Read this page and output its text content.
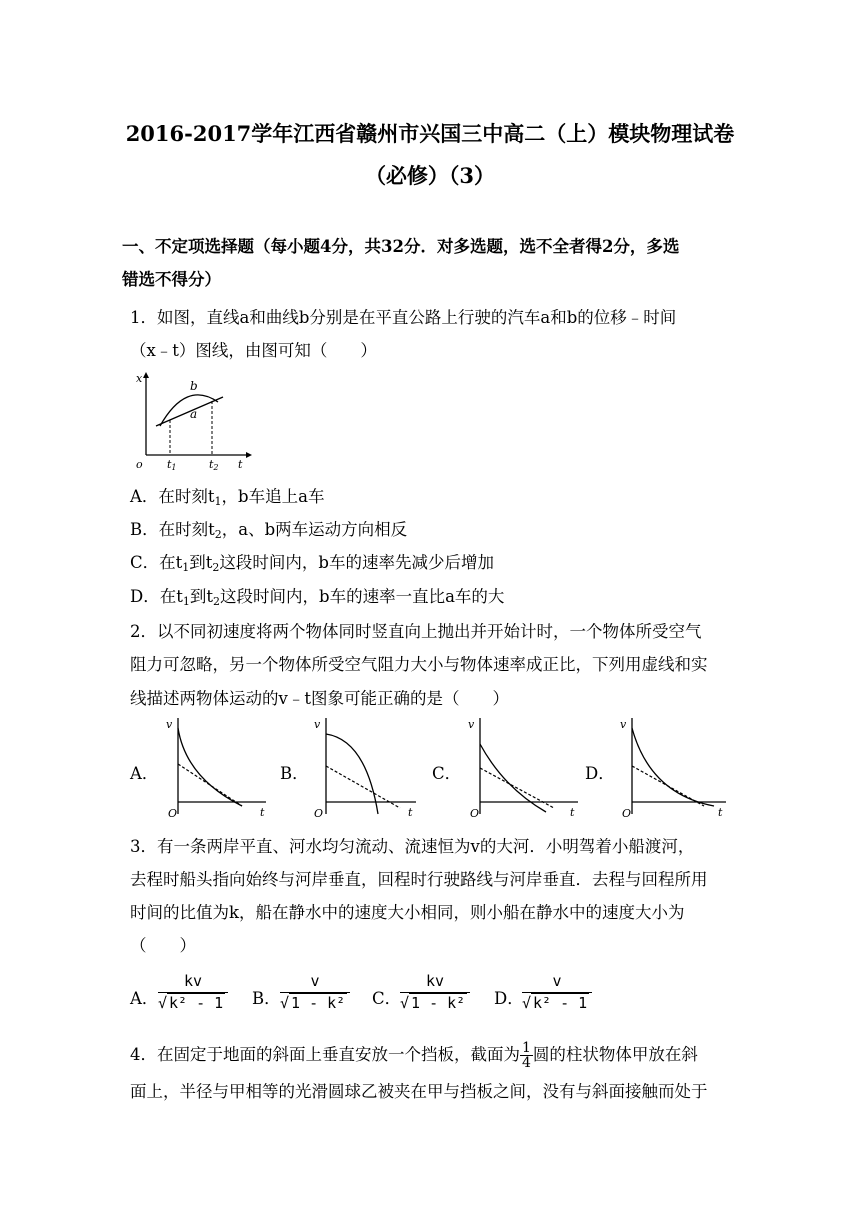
2016-2017学年江西省赣州市兴国三中高二（上）模块物理试卷
（必修）（3）
一、不定项选择题（每小题4分，共32分．对多选题，选不全者得2分，多选
错选不得分）
1．如图，直线a和曲线b分别是在平直公路上行驶的汽车a和b的位移﹣时间
（x﹣t）图线，由图可知（　　）
x
o	t
b
a
t1	t2
A．在时刻$t_1$，b车追上a车
B．在时刻$t_2$，a、b两车运动方向相反
C．在$t_1$到$t_2$这段时间内，b车的速率先减少后增加
D．在$t_1$到$t_2$这段时间内，b车的速率一直比a车的大
2．以不同初速度将两个物体同时竖直向上抛出并开始计时，一个物体所受空气
阻力可忽略，另一个物体所受空气阻力大小与物体速率成正比，下列用虚线和实
线描述两物体运动的v﹣t图象可能正确的是（　　）
A．
v
O	t
B．
v
O	t
C．
v
O	t
D．
v
O	t
3．有一条两岸平直、河水均匀流动、流速恒为v的大河．小明驾着小船渡河，
去程时船头指向始终与河岸垂直，回程时行驶路线与河岸垂直．去程与回程所用
时间的比值为k，船在静水中的速度大小相同，则小船在静水中的速度大小为
（　　）
A．
kv
√ k² - 1 B．
v
√ 1 - k² C．
kv
√ 1 - k² D．
v
√ k² - 1
4．在固定于地面的斜面上垂直安放一个挡板，截面为 $\frac{1}{4}$ 圆的柱状物体甲放在斜
面上，半径与甲相等的光滑圆球乙被夹在甲与挡板之间，没有与斜面接触而处于
